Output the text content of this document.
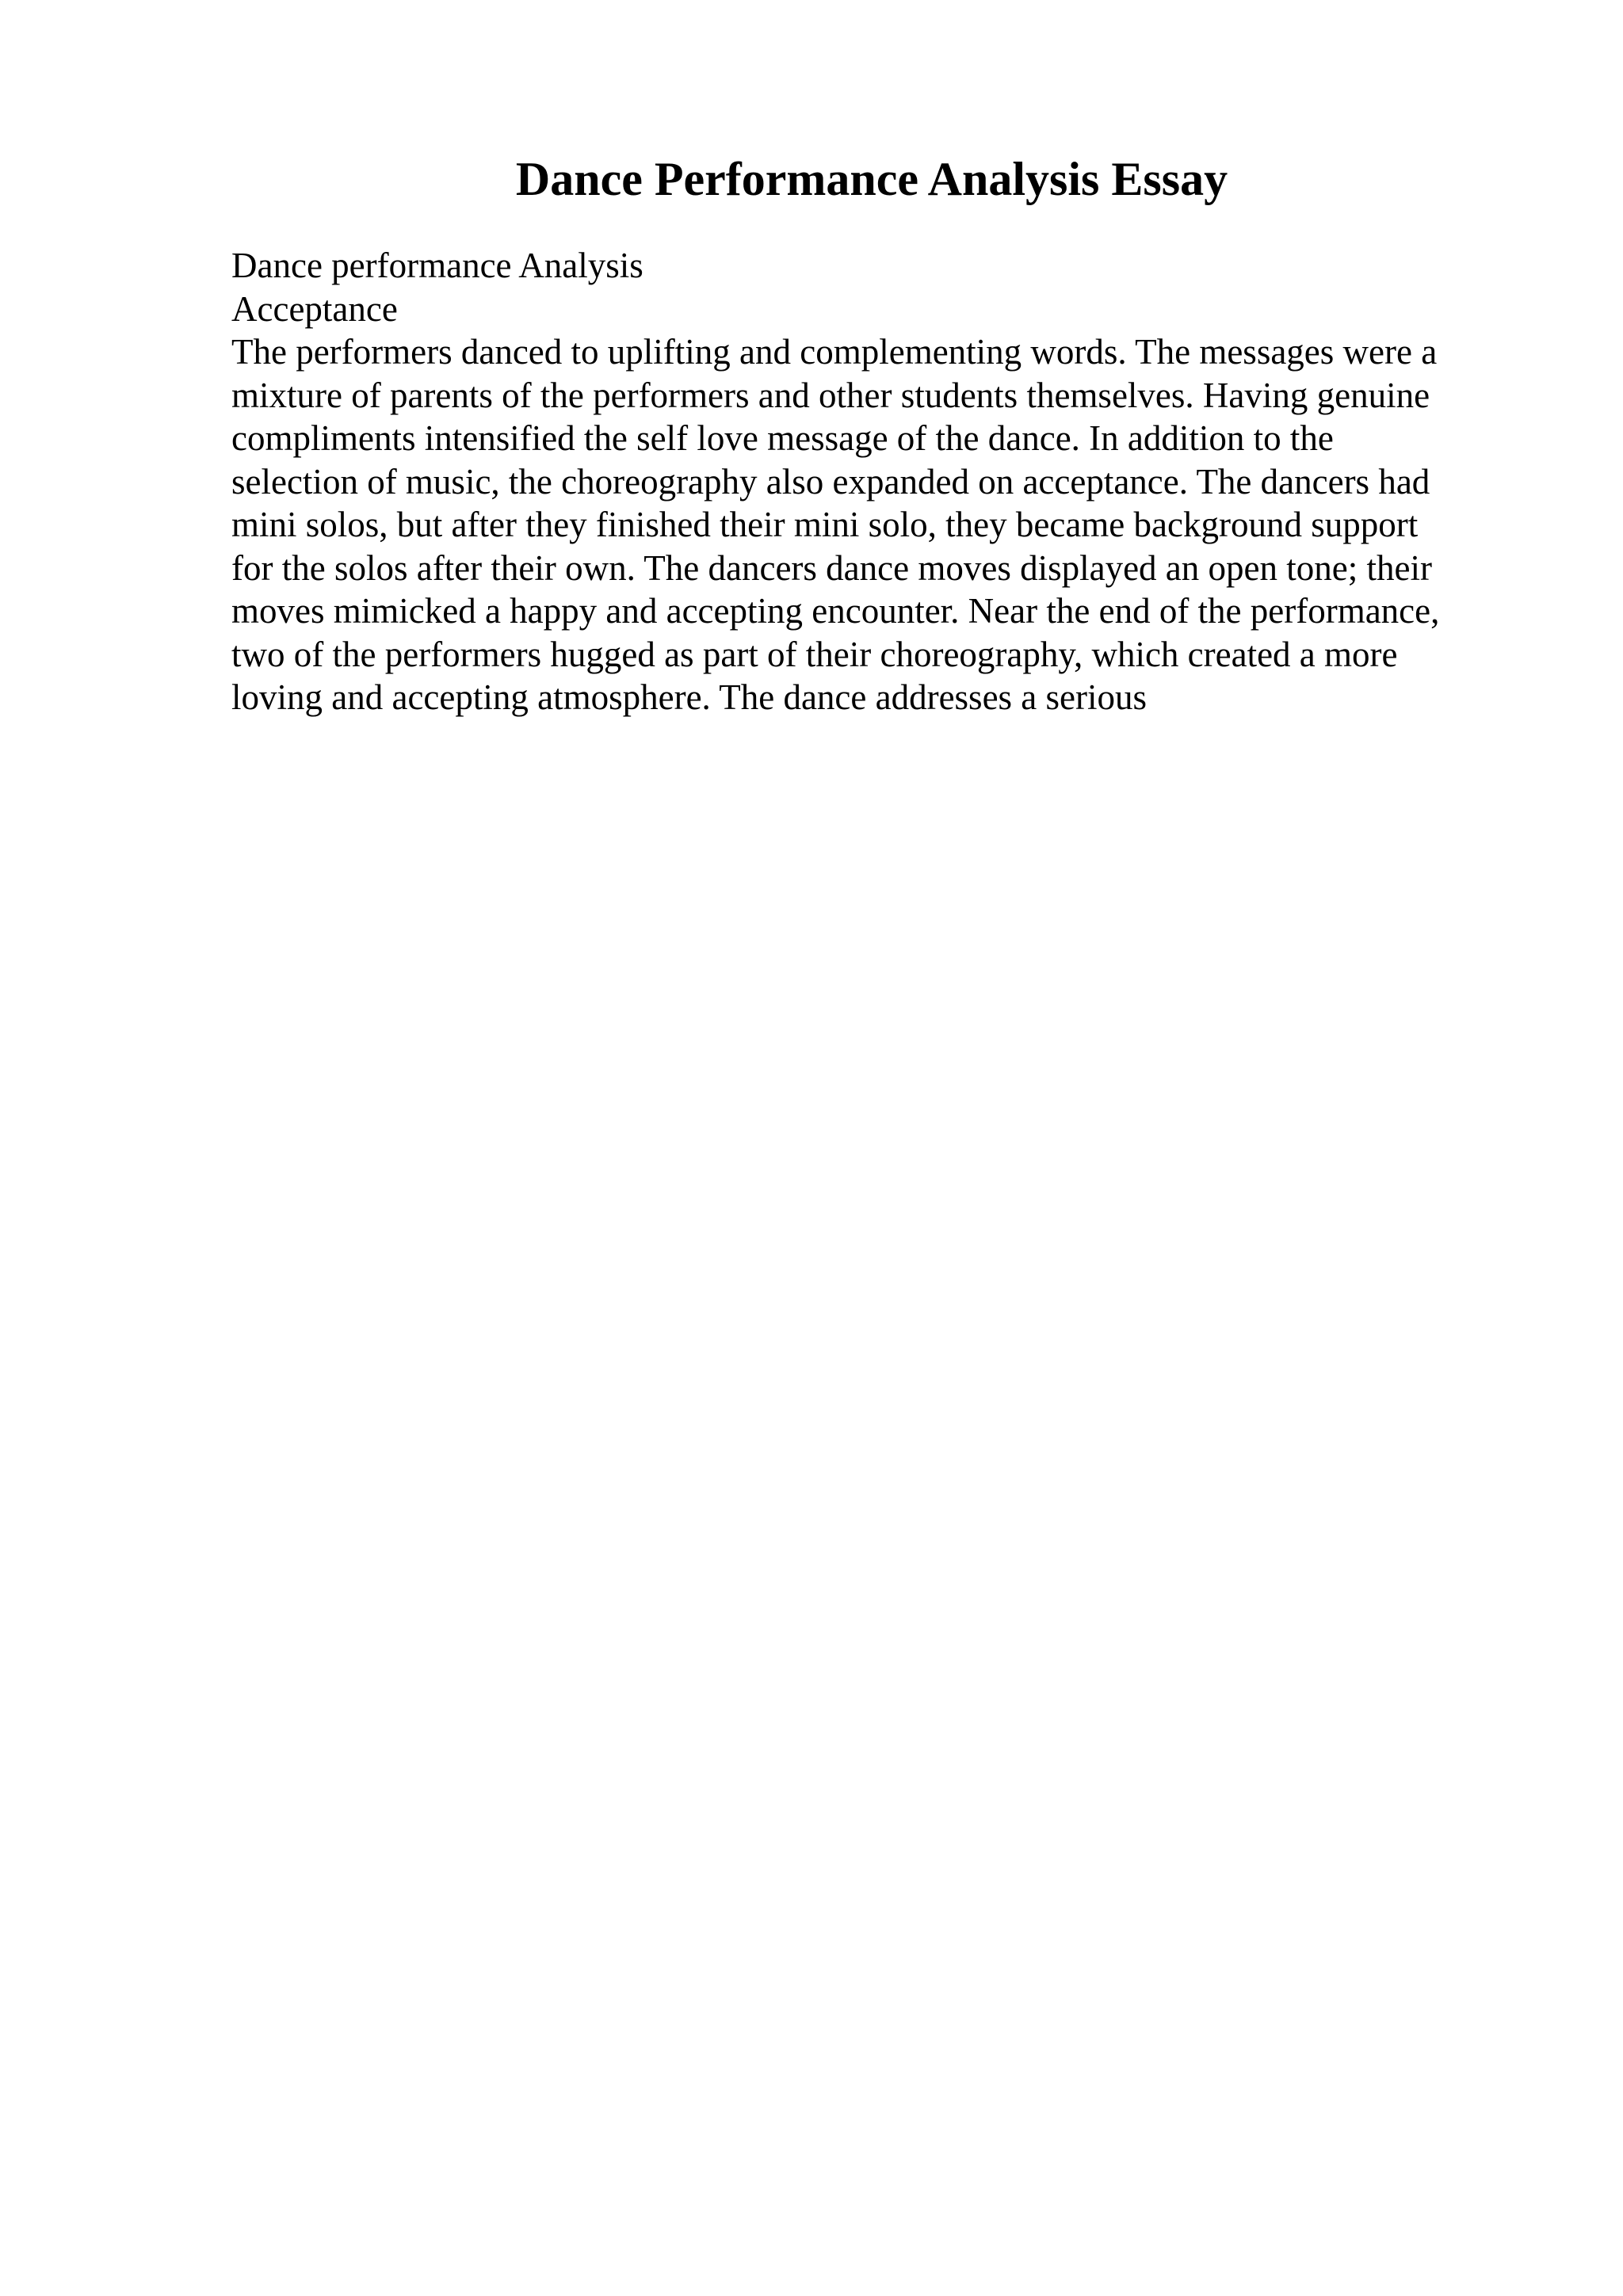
Dance Performance Analysis Essay
Dance performance Analysis
Acceptance
The performers danced to uplifting and complementing words. The messages were a
mixture of parents of the performers and other students themselves. Having genuine
compliments intensified the self love message of the dance. In addition to the
selection of music, the choreography also expanded on acceptance. The dancers had
mini solos, but after they finished their mini solo, they became background support
for the solos after their own. The dancers dance moves displayed an open tone; their
moves mimicked a happy and accepting encounter. Near the end of the performance,
two of the performers hugged as part of their choreography, which created a more
loving and accepting atmosphere. The dance addresses a serious
